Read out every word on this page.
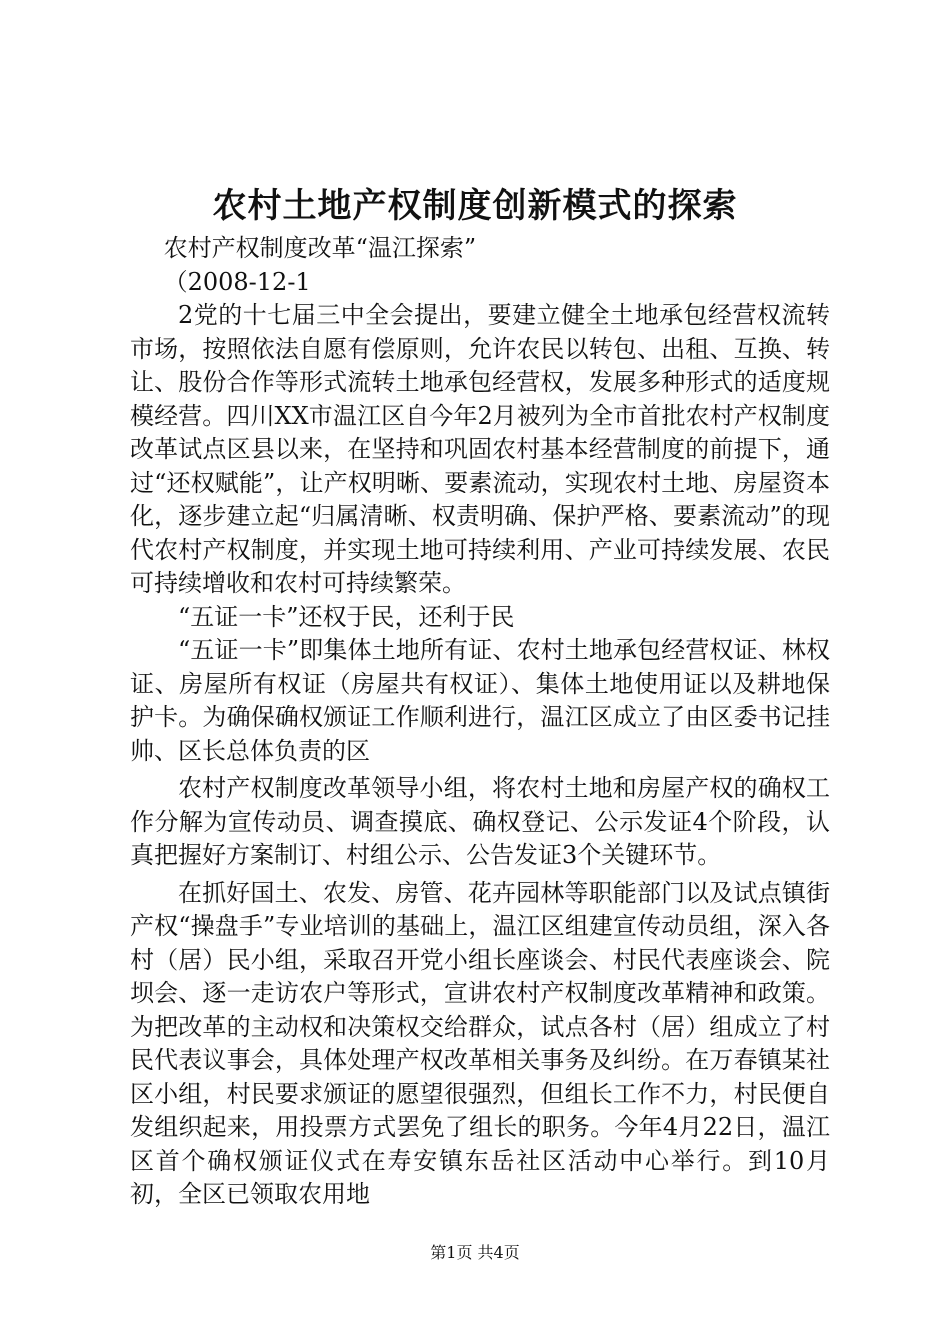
农村土地产权制度创新模式的探索

农村产权制度改革“温江探索”

（2008-12-1

2党的十七届三中全会提出，要建立健全土地承包经营权流转市场，按照依法自愿有偿原则，允许农民以转包、出租、互换、转让、股份合作等形式流转土地承包经营权，发展多种形式的适度规模经营。四川XX市温江区自今年2月被列为全市首批农村产权制度改革试点区县以来，在坚持和巩固农村基本经营制度的前提下，通过“还权赋能”，让产权明晰、要素流动，实现农村土地、房屋资本化，逐步建立起“归属清晰、权责明确、保护严格、要素流动”的现代农村产权制度，并实现土地可持续利用、产业可持续发展、农民可持续增收和农村可持续繁荣。

“五证一卡”还权于民，还利于民

“五证一卡”即集体土地所有证、农村土地承包经营权证、林权证、房屋所有权证（房屋共有权证）、集体土地使用证以及耕地保护卡。为确保确权颁证工作顺利进行，温江区成立了由区委书记挂帅、区长总体负责的区

农村产权制度改革领导小组，将农村土地和房屋产权的确权工作分解为宣传动员、调查摸底、确权登记、公示发证4个阶段，认真把握好方案制订、村组公示、公告发证3个关键环节。

在抓好国土、农发、房管、花卉园林等职能部门以及试点镇街产权“操盘手”专业培训的基础上，温江区组建宣传动员组，深入各村（居）民小组，采取召开党小组长座谈会、村民代表座谈会、院坝会、逐一走访农户等形式，宣讲农村产权制度改革精神和政策。为把改革的主动权和决策权交给群众，试点各村（居）组成立了村民代表议事会，具体处理产权改革相关事务及纠纷。在万春镇某社区小组，村民要求颁证的愿望很强烈，但组长工作不力，村民便自发组织起来，用投票方式罢免了组长的职务。今年4月22日，温江区首个确权颁证仪式在寿安镇东岳社区活动中心举行。到10月初，全区已领取农用地

第1页 共4页
